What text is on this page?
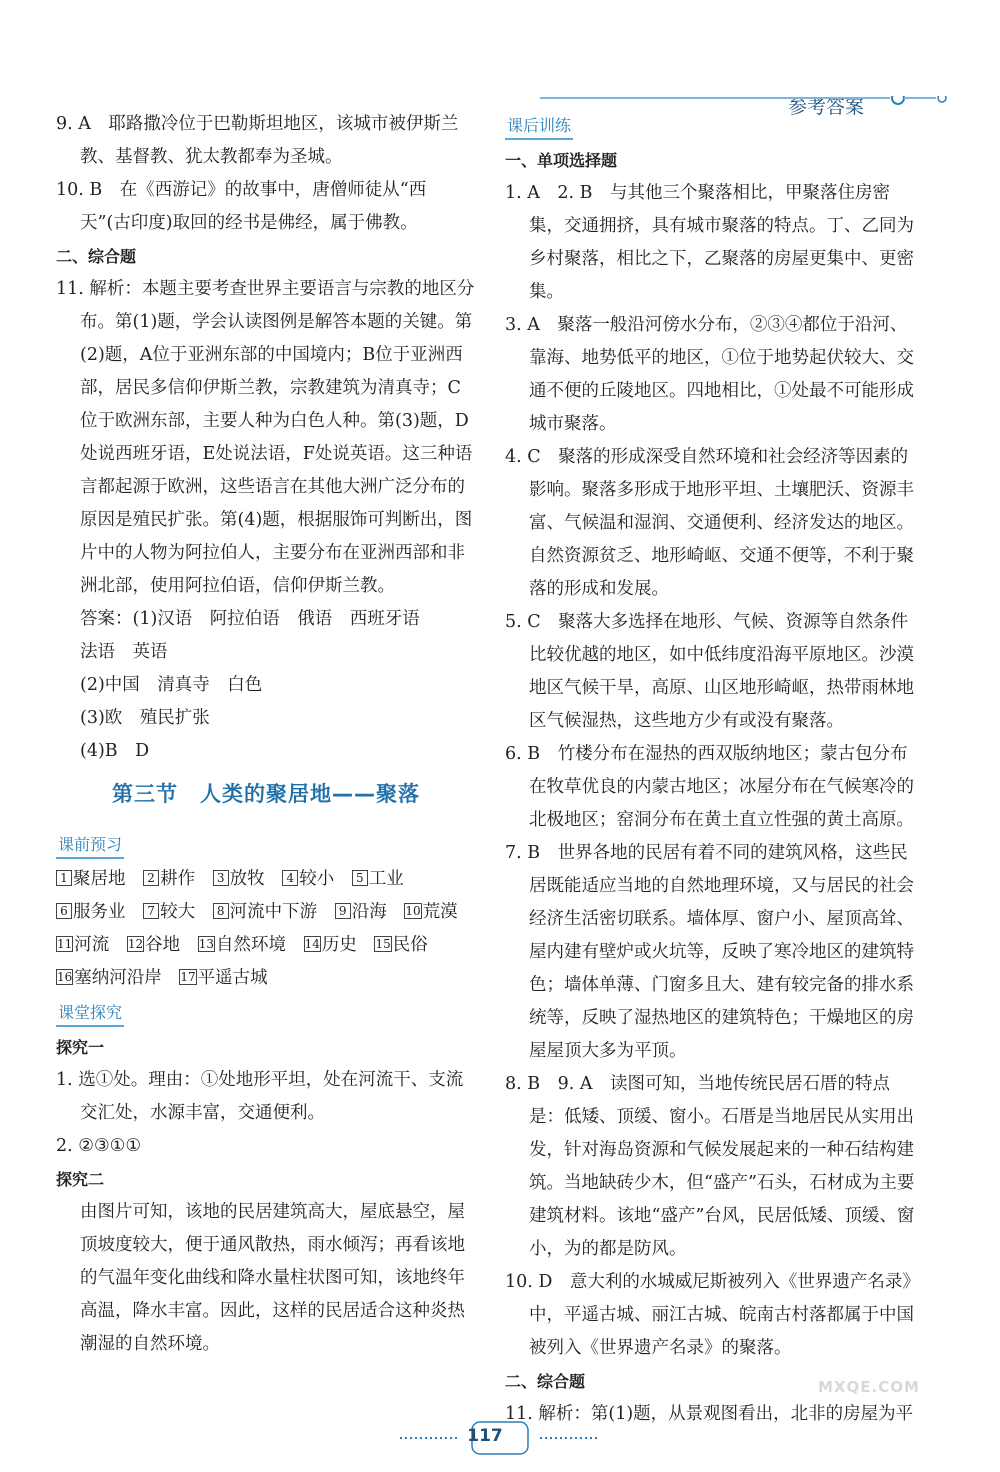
参考答案

9. A　耶路撒冷位于巴勒斯坦地区，该城市被伊斯兰教、基督教、犹太教都奉为圣城。

10. B　在《西游记》的故事中，唐僧师徒从“西天”(古印度)取回的经书是佛经，属于佛教。

二、综合题

11. 解析：本题主要考查世界主要语言与宗教的地区分布。第(1)题，学会认读图例是解答本题的关键。第(2)题，A位于亚洲东部的中国境内；B位于亚洲西部，居民多信仰伊斯兰教，宗教建筑为清真寺；C位于欧洲东部，主要人种为白色人种。第(3)题，D处说西班牙语，E处说法语，F处说英语。这三种语言都起源于欧洲，这些语言在其他大洲广泛分布的原因是殖民扩张。第(4)题，根据服饰可判断出，图片中的人物为阿拉伯人，主要分布在亚洲西部和非洲北部，使用阿拉伯语，信仰伊斯兰教。

答案：(1)汉语　阿拉伯语　俄语　西班牙语

法语　英语

(2)中国　清真寺　白色

(3)欧　殖民扩张

(4)B　D

第三节　人类的聚居地——聚落
课前预习

1 聚居地 2 耕作 3 放牧 4 较小 5 工业 6 服务业 7 较大 8 河流中下游 9 沿海 10 荒漠 11 河流 12 谷地 13 自然环境 14 历史 15 民俗 16 塞纳河沿岸 17 平遥古城

课堂探究

探究一

1. 选①处。理由：①处地形平坦，处在河流干、支流交汇处，水源丰富，交通便利。

2. ②③①①

探究二

由图片可知，该地的民居建筑高大，屋底悬空，屋顶坡度较大，便于通风散热，雨水倾泻；再看该地的气温年变化曲线和降水量柱状图可知，该地终年高温，降水丰富。因此，这样的民居适合这种炎热潮湿的自然环境。

课后训练

一、单项选择题

1. A　2. B　与其他三个聚落相比，甲聚落住房密集，交通拥挤，具有城市聚落的特点。丁、乙同为乡村聚落，相比之下，乙聚落的房屋更集中、更密集。

3. A　聚落一般沿河傍水分布，②③④都位于沿河、靠海、地势低平的地区，①位于地势起伏较大、交通不便的丘陵地区。四地相比，①处最不可能形成城市聚落。

4. C　聚落的形成深受自然环境和社会经济等因素的影响。聚落多形成于地形平坦、土壤肥沃、资源丰富、气候温和湿润、交通便利、经济发达的地区。自然资源贫乏、地形崎岖、交通不便等，不利于聚落的形成和发展。

5. C　聚落大多选择在地形、气候、资源等自然条件比较优越的地区，如中低纬度沿海平原地区。沙漠地区气候干旱，高原、山区地形崎岖，热带雨林地区气候湿热，这些地方少有或没有聚落。

6. B　竹楼分布在湿热的西双版纳地区；蒙古包分布在牧草优良的内蒙古地区；冰屋分布在气候寒冷的北极地区；窑洞分布在黄土直立性强的黄土高原。

7. B　世界各地的民居有着不同的建筑风格，这些民居既能适应当地的自然地理环境，又与居民的社会经济生活密切联系。墙体厚、窗户小、屋顶高耸、屋内建有壁炉或火坑等，反映了寒冷地区的建筑特色；墙体单薄、门窗多且大、建有较完备的排水系统等，反映了湿热地区的建筑特色；干燥地区的房屋屋顶大多为平顶。

8. B　9. A　读图可知，当地传统民居石厝的特点是：低矮、顶缓、窗小。石厝是当地居民从实用出发，针对海岛资源和气候发展起来的一种石结构建筑。当地缺砖少木，但“盛产”石头，石材成为主要建筑材料。该地“盛产”台风，民居低矮、顶缓、窗小，为的都是防风。

10. D　意大利的水城威尼斯被列入《世界遗产名录》中，平遥古城、丽江古城、皖南古村落都属于中国被列入《世界遗产名录》的聚落。

二、综合题

11. 解析：第(1)题，从景观图看出，北非的房屋为平

117
MXQE.COM
